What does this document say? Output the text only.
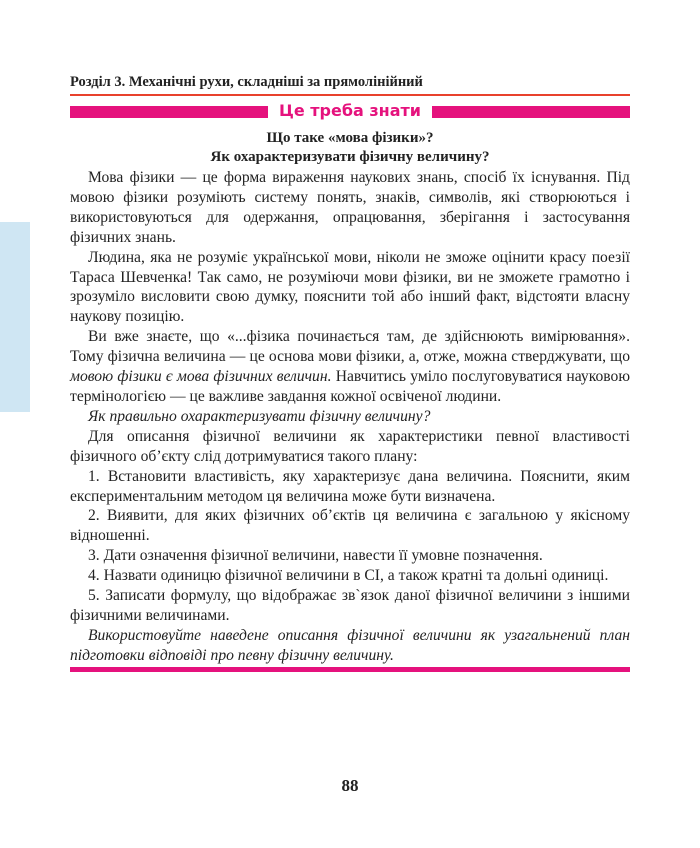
Розділ 3. Механічні рухи, складніші за прямолінійний
Це треба знати
Що таке «мова фізики»?
Як охарактеризувати фізичну величину?

Мова фізики — це форма вираження наукових знань, спосіб їх існування. Під мовою фізики розуміють систему понять, знаків, символів, які створюються і використовуються для одержання, опрацювання, зберігання і застосування фізичних знань.

Людина, яка не розуміє української мови, ніколи не зможе оцінити красу поезії Тараса Шевченка! Так само, не розуміючи мови фізики, ви не зможете грамотно і зрозуміло висловити свою думку, пояснити той або інший факт, відстояти власну наукову позицію.

Ви вже знаєте, що «...фізика починається там, де здійснюють вимірювання». Тому фізична величина — це основа мови фізики, а, отже, можна стверджувати, що мовою фізики є мова фізичних величин. Навчитись уміло послуговуватися науковою термінологією — це важливе завдання кожної освіченої людини.

Як правильно охарактеризувати фізичну величину?

Для описання фізичної величини як характеристики певної властивості фізичного об’єкту слід дотримуватися такого плану:

1. Встановити властивість, яку характеризує дана величина. Пояснити, яким експериментальним методом ця величина може бути визначена.

2. Виявити, для яких фізичних об’єктів ця величина є загальною у якісному відношенні.

3. Дати означення фізичної величини, навести її умовне позначення.

4. Назвати одиницю фізичної величини в СІ, а також кратні та дольні одиниці.

5. Записати формулу, що відображає зв`язок даної фізичної величини з іншими фізичними величинами.

Використовуйте наведене описання фізичної величини як узагальнений план підготовки відповіді про певну фізичну величину.

88
